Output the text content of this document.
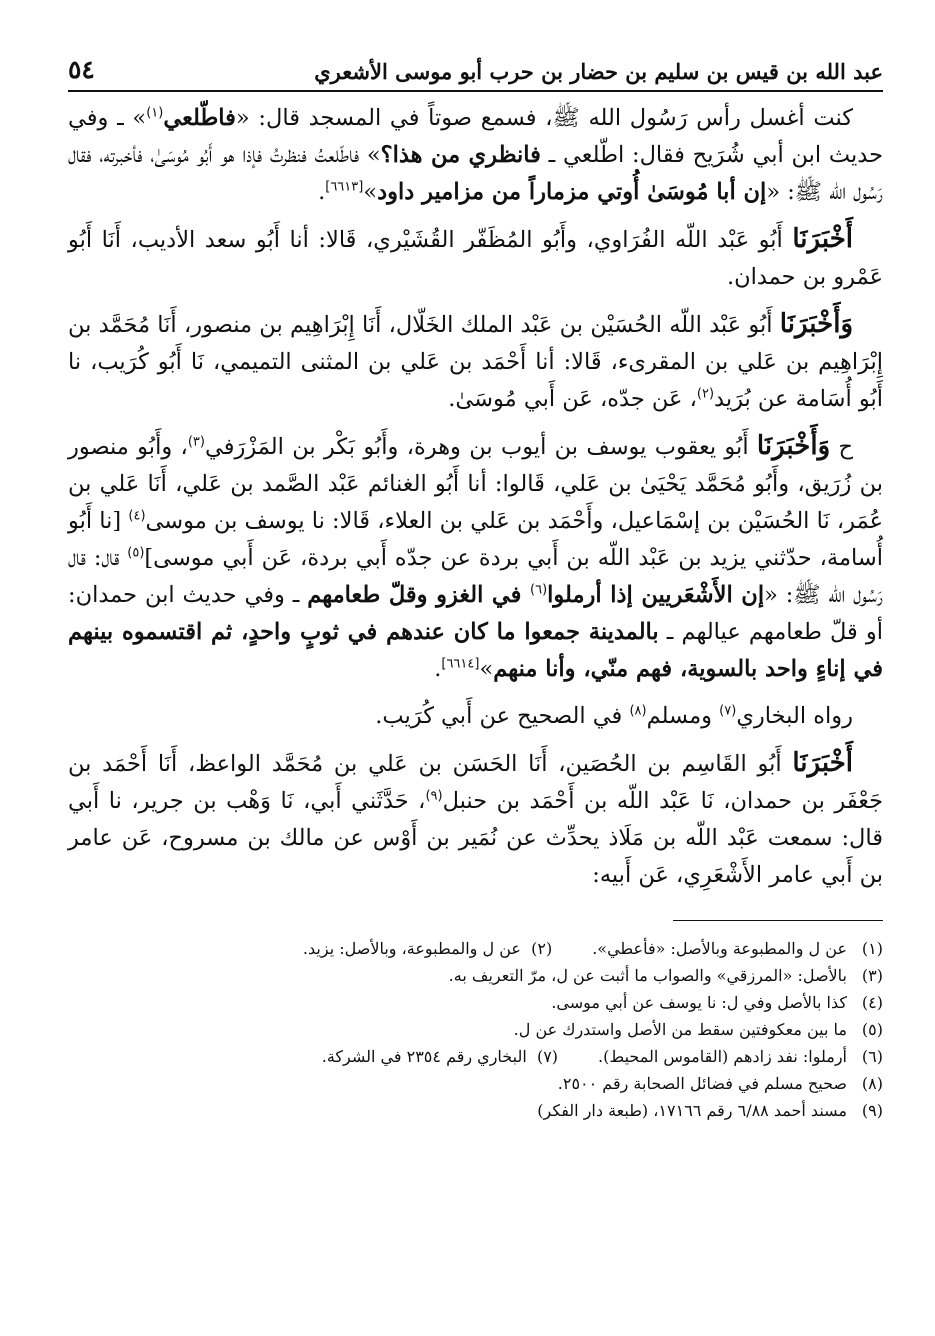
عبد الله بن قيس بن سليم بن حضار بن حرب أبو موسى الأشعري
٥٤

كنت أغسل رأس رَسُول الله ﷺ، فسمع صوتاً في المسجد قال: «فاطّلعي$^{(١)}$» ـ وفي حديث ابن أبي شُرَيح فقال: اطّلعي ـ فانظري من هذا؟» فاطّلعتُ فنظرتُ فإذا هو أَبُو مُوسَىٰ، فأخبرته، فقال رَسُول الله ﷺ: «إن أبا مُوسَىٰ أُوتي مزماراً من مزامير داود»[٦٦١٣].

أَخْبَرَنَا أَبُو عَبْد اللّه الفُرَاوي، وأَبُو المُظَفّر القُشَيْري، قَالا: أنا أَبُو سعد الأديب، أَنَا أَبُو عَمْرو بن حمدان.

وَأَخْبَرَنَا أَبُو عَبْد اللّه الحُسَيْن بن عَبْد الملك الخَلّال، أَنَا إِبْرَاهِيم بن منصور، أَنَا مُحَمَّد بن إِبْرَاهِيم بن عَلي بن المقرىء، قَالا: أنا أَحْمَد بن عَلي بن المثنى التميمي، نَا أَبُو كُرَيب، نا أَبُو أُسَامة عن بُرَيد$^{(٢)}$، عَن جدّه، عَن أَبي مُوسَىٰ.

ح وَأَخْبَرَنَا أَبُو يعقوب يوسف بن أيوب بن وهرة، وأَبُو بَكْر بن المَزْرَفي$^{(٣)}$، وأَبُو منصور بن زُرَيق، وأَبُو مُحَمَّد يَحْيَىٰ بن عَلي، قَالوا: أنا أَبُو الغنائم عَبْد الصَّمد بن عَلي، أَنَا عَلي بن عُمَر، نَا الحُسَيْن بن إسْمَاعيل، وأَحْمَد بن عَلي بن العلاء، قَالا: نا يوسف بن موسى$^{(٤)}$ [نا أَبُو أُسامة، حدّثني يزيد بن عَبْد اللّه بن أَبي بردة عن جدّه أَبي بردة، عَن أَبي موسى]$^{(٥)}$ قال: قال رَسُول الله ﷺ: «إن الأَشْعَريين إذا أرملوا$^{(٦)}$ في الغزو وقلّ طعامهم ـ وفي حديث ابن حمدان: أو قلّ طعامهم عيالهم ـ بالمدينة جمعوا ما كان عندهم في ثوبٍ واحدٍ، ثم اقتسموه بينهم في إناءٍ واحد بالسوية، فهم منّي، وأنا منهم»[٦٦١٤].

رواه البخاري$^{(٧)}$ ومسلم$^{(٨)}$ في الصحيح عن أَبي كُرَيب.

أَخْبَرَنَا أَبُو القَاسِم بن الحُصَين، أَنَا الحَسَن بن عَلي بن مُحَمَّد الواعظ، أَنَا أَحْمَد بن جَعْفَر بن حمدان، نَا عَبْد اللّه بن أَحْمَد بن حنبل$^{(٩)}$، حَدَّثَني أَبي، نَا وَهْب بن جرير، نا أَبي قال: سمعت عَبْد اللّه بن مَلَاذ يحدِّث عن نُمَير بن أَوْس عن مالك بن مسروح، عَن عامر بن أَبي عامر الأَشْعَرِي، عَن أَبيه:

(١)
عن ل والمطبوعة وبالأصل: «فأعطي».(٢)  عن ل والمطبوعة، وبالأصل: يزيد.
(٣)
بالأصل: «المرزقي» والصواب ما أثبت عن ل، مرّ التعريف به.
(٤)
كذا بالأصل وفي ل: نا يوسف عن أبي موسى.
(٥)
ما بين معكوفتين سقط من الأصل واستدرك عن ل.
(٦)
أرملوا: نفد زادهم (القاموس المحيط).(٧)  البخاري رقم ٢٣٥٤ في الشركة.
(٨)
صحيح مسلم في فضائل الصحابة رقم ٢٥٠٠.
(٩)
مسند أحمد ٦/٨٨ رقم ١٧١٦٦، (طبعة دار الفكر)
